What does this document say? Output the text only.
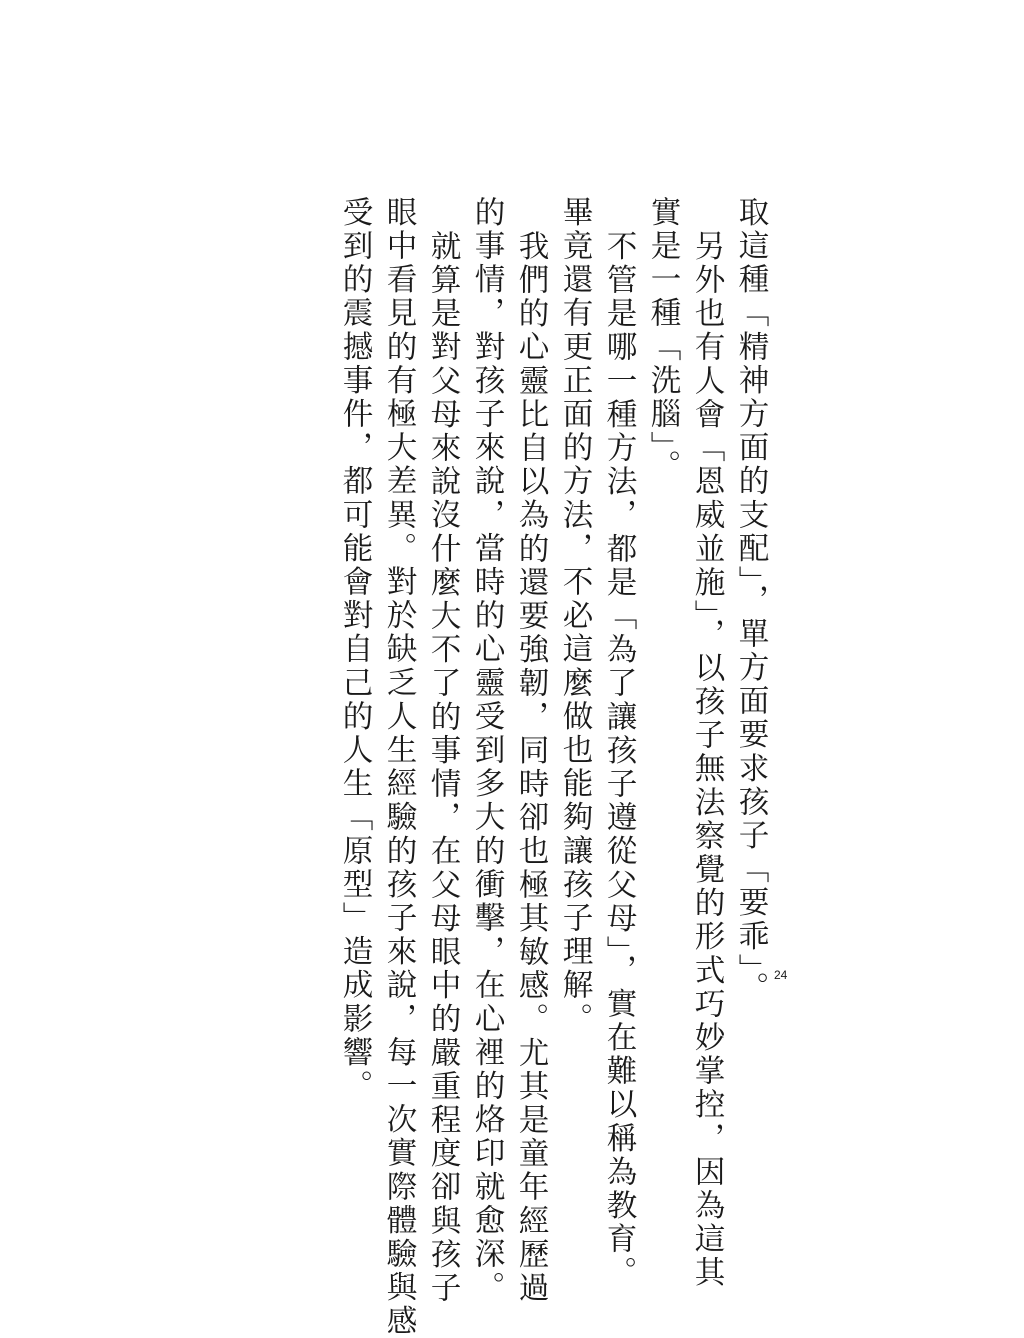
取這種「精神方面的支配」，單方面要求孩子「要乖」。
另外也有人會「恩威並施」，以孩子無法察覺的形式巧妙掌控，因為這其
實是一種「洗腦」。
不管是哪一種方法，都是「為了讓孩子遵從父母」，實在難以稱為教育。
畢竟還有更正面的方法，不必這麼做也能夠讓孩子理解。
我們的心靈比自以為的還要強韌，同時卻也極其敏感。尤其是童年經歷過
的事情，對孩子來說，當時的心靈受到多大的衝擊，在心裡的烙印就愈深。
就算是對父母來說沒什麼大不了的事情，在父母眼中的嚴重程度卻與孩子
眼中看見的有極大差異。對於缺乏人生經驗的孩子來說，每一次實際體驗與感
受到的震撼事件，都可能會對自己的人生「原型」造成影響。	24
